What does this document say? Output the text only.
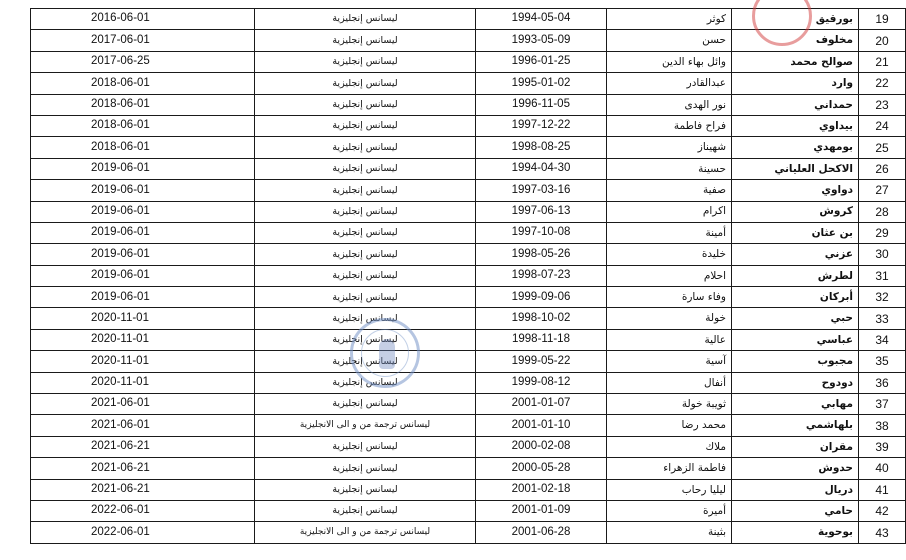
19	بورقيق	كوثر	1994-05-04	ليسانس إنجليزية	2016-06-01
20	مخلوف	حسن	1993-05-09	ليسانس إنجليزية	2017-06-01
21	صوالح محمد	وائل بهاء الدين	1996-01-25	ليسانس إنجليزية	2017-06-25
22	وارد	عبدالقادر	1995-01-02	ليسانس إنجليزية	2018-06-01
23	حمداني	نور الهدى	1996-11-05	ليسانس إنجليزية	2018-06-01
24	بيداوي	فراح فاطمة	1997-12-22	ليسانس إنجليزية	2018-06-01
25	بومهدي	شهيناز	1998-08-25	ليسانس إنجليزية	2018-06-01
26	الاكحل العلياني	حسينة	1994-04-30	ليسانس إنجليزية	2019-06-01
27	دواوي	صفية	1997-03-16	ليسانس إنجليزية	2019-06-01
28	كروش	اكرام	1997-06-13	ليسانس إنجليزية	2019-06-01
29	بن عثان	أمينة	1997-10-08	ليسانس إنجليزية	2019-06-01
30	عزني	خليدة	1998-05-26	ليسانس إنجليزية	2019-06-01
31	لطرش	احلام	1998-07-23	ليسانس إنجليزية	2019-06-01
32	أبركان	وفاء سارة	1999-09-06	ليسانس إنجليزية	2019-06-01
33	حبي	خولة	1998-10-02	ليسانس إنجليزية	2020-11-01
34	عباسي	عالية	1998-11-18	ليسانس إنجليزية	2020-11-01
35	مجبوب	آسية	1999-05-22	ليسانس إنجليزية	2020-11-01
36	دودوح	أنفال	1999-08-12	ليسانس إنجليزية	2020-11-01
37	مهابي	ثويبة خولة	2001-01-07	ليسانس إنجليزية	2021-06-01
38	بلهاشمي	محمد رضا	2001-01-10	ليسانس ترجمة من و الى الانجليزية	2021-06-01
39	مقران	ملاك	2000-02-08	ليسانس إنجليزية	2021-06-21
40	حدوش	فاطمة الزهراء	2000-05-28	ليسانس إنجليزية	2021-06-21
41	دريال	ليليا رحاب	2001-02-18	ليسانس إنجليزية	2021-06-21
42	حامي	أميرة	2001-01-09	ليسانس إنجليزية	2022-06-01
43	بوحوية	بثينة	2001-06-28	ليسانس ترجمة من و الى الانجليزية	2022-06-01
